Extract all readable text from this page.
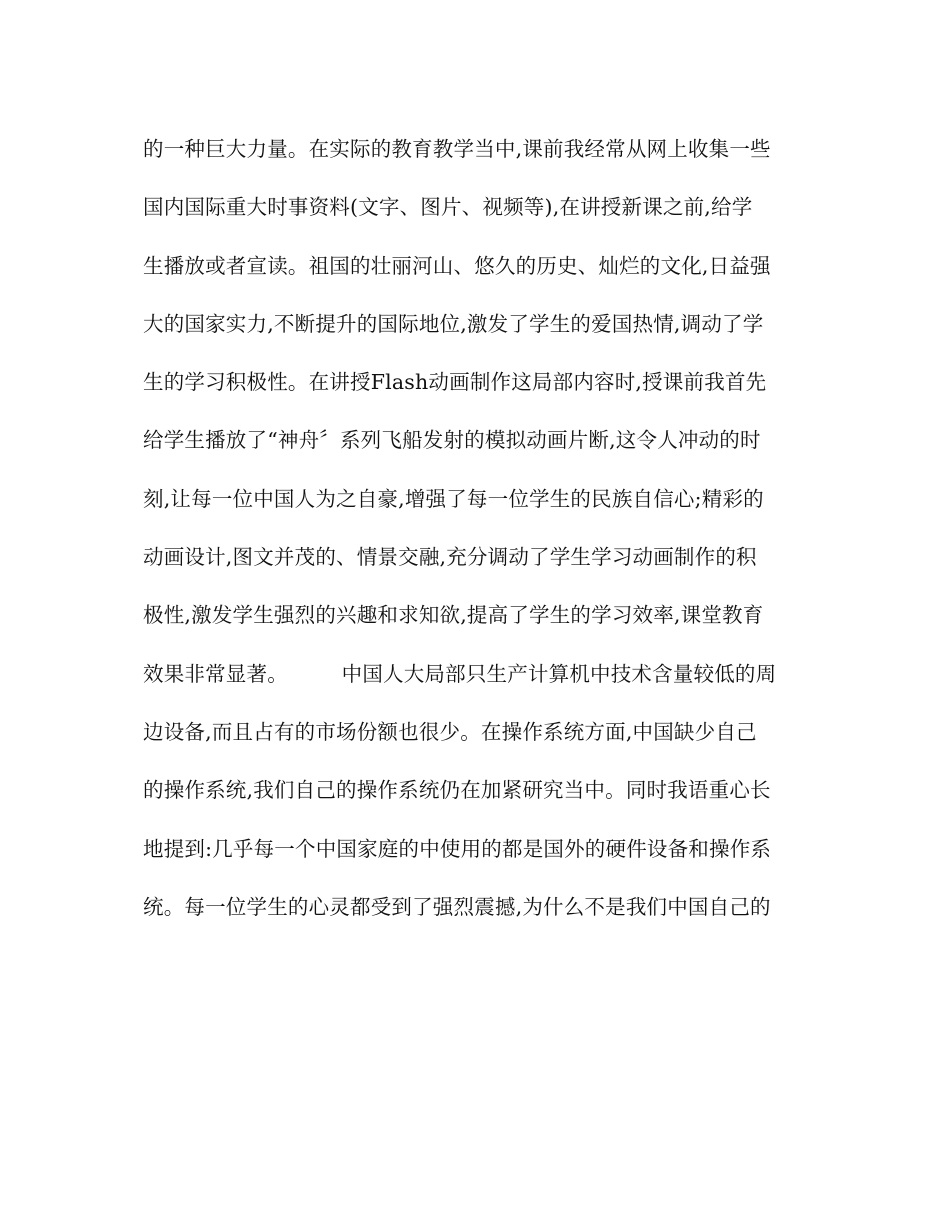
的一种巨大力量。在实际的教育教学当中,课前我经常从网上收集一些
国内国际重大时事资料(文字、图片、视频等),在讲授新课之前,给学
生播放或者宣读。祖国的壮丽河山、悠久的历史、灿烂的文化,日益强
大的国家实力,不断提升的国际地位,激发了学生的爱国热情,调动了学
生的学习积极性。在讲授Flash动画制作这局部内容时,授课前我首先
给学生播放了“神舟〞系列飞船发射的模拟动画片断,这令人冲动的时
刻,让每一位中国人为之自豪,增强了每一位学生的民族自信心;精彩的
动画设计,图文并茂的、情景交融,充分调动了学生学习动画制作的积
极性,激发学生强烈的兴趣和求知欲,提高了学生的学习效率,课堂教育
效果非常显著。        中国人大局部只生产计算机中技术含量较低的周
边设备,而且占有的市场份额也很少。在操作系统方面,中国缺少自己
的操作系统,我们自己的操作系统仍在加紧研究当中。同时我语重心长
地提到:几乎每一个中国家庭的中使用的都是国外的硬件设备和操作系
统。每一位学生的心灵都受到了强烈震撼,为什么不是我们中国自己的
